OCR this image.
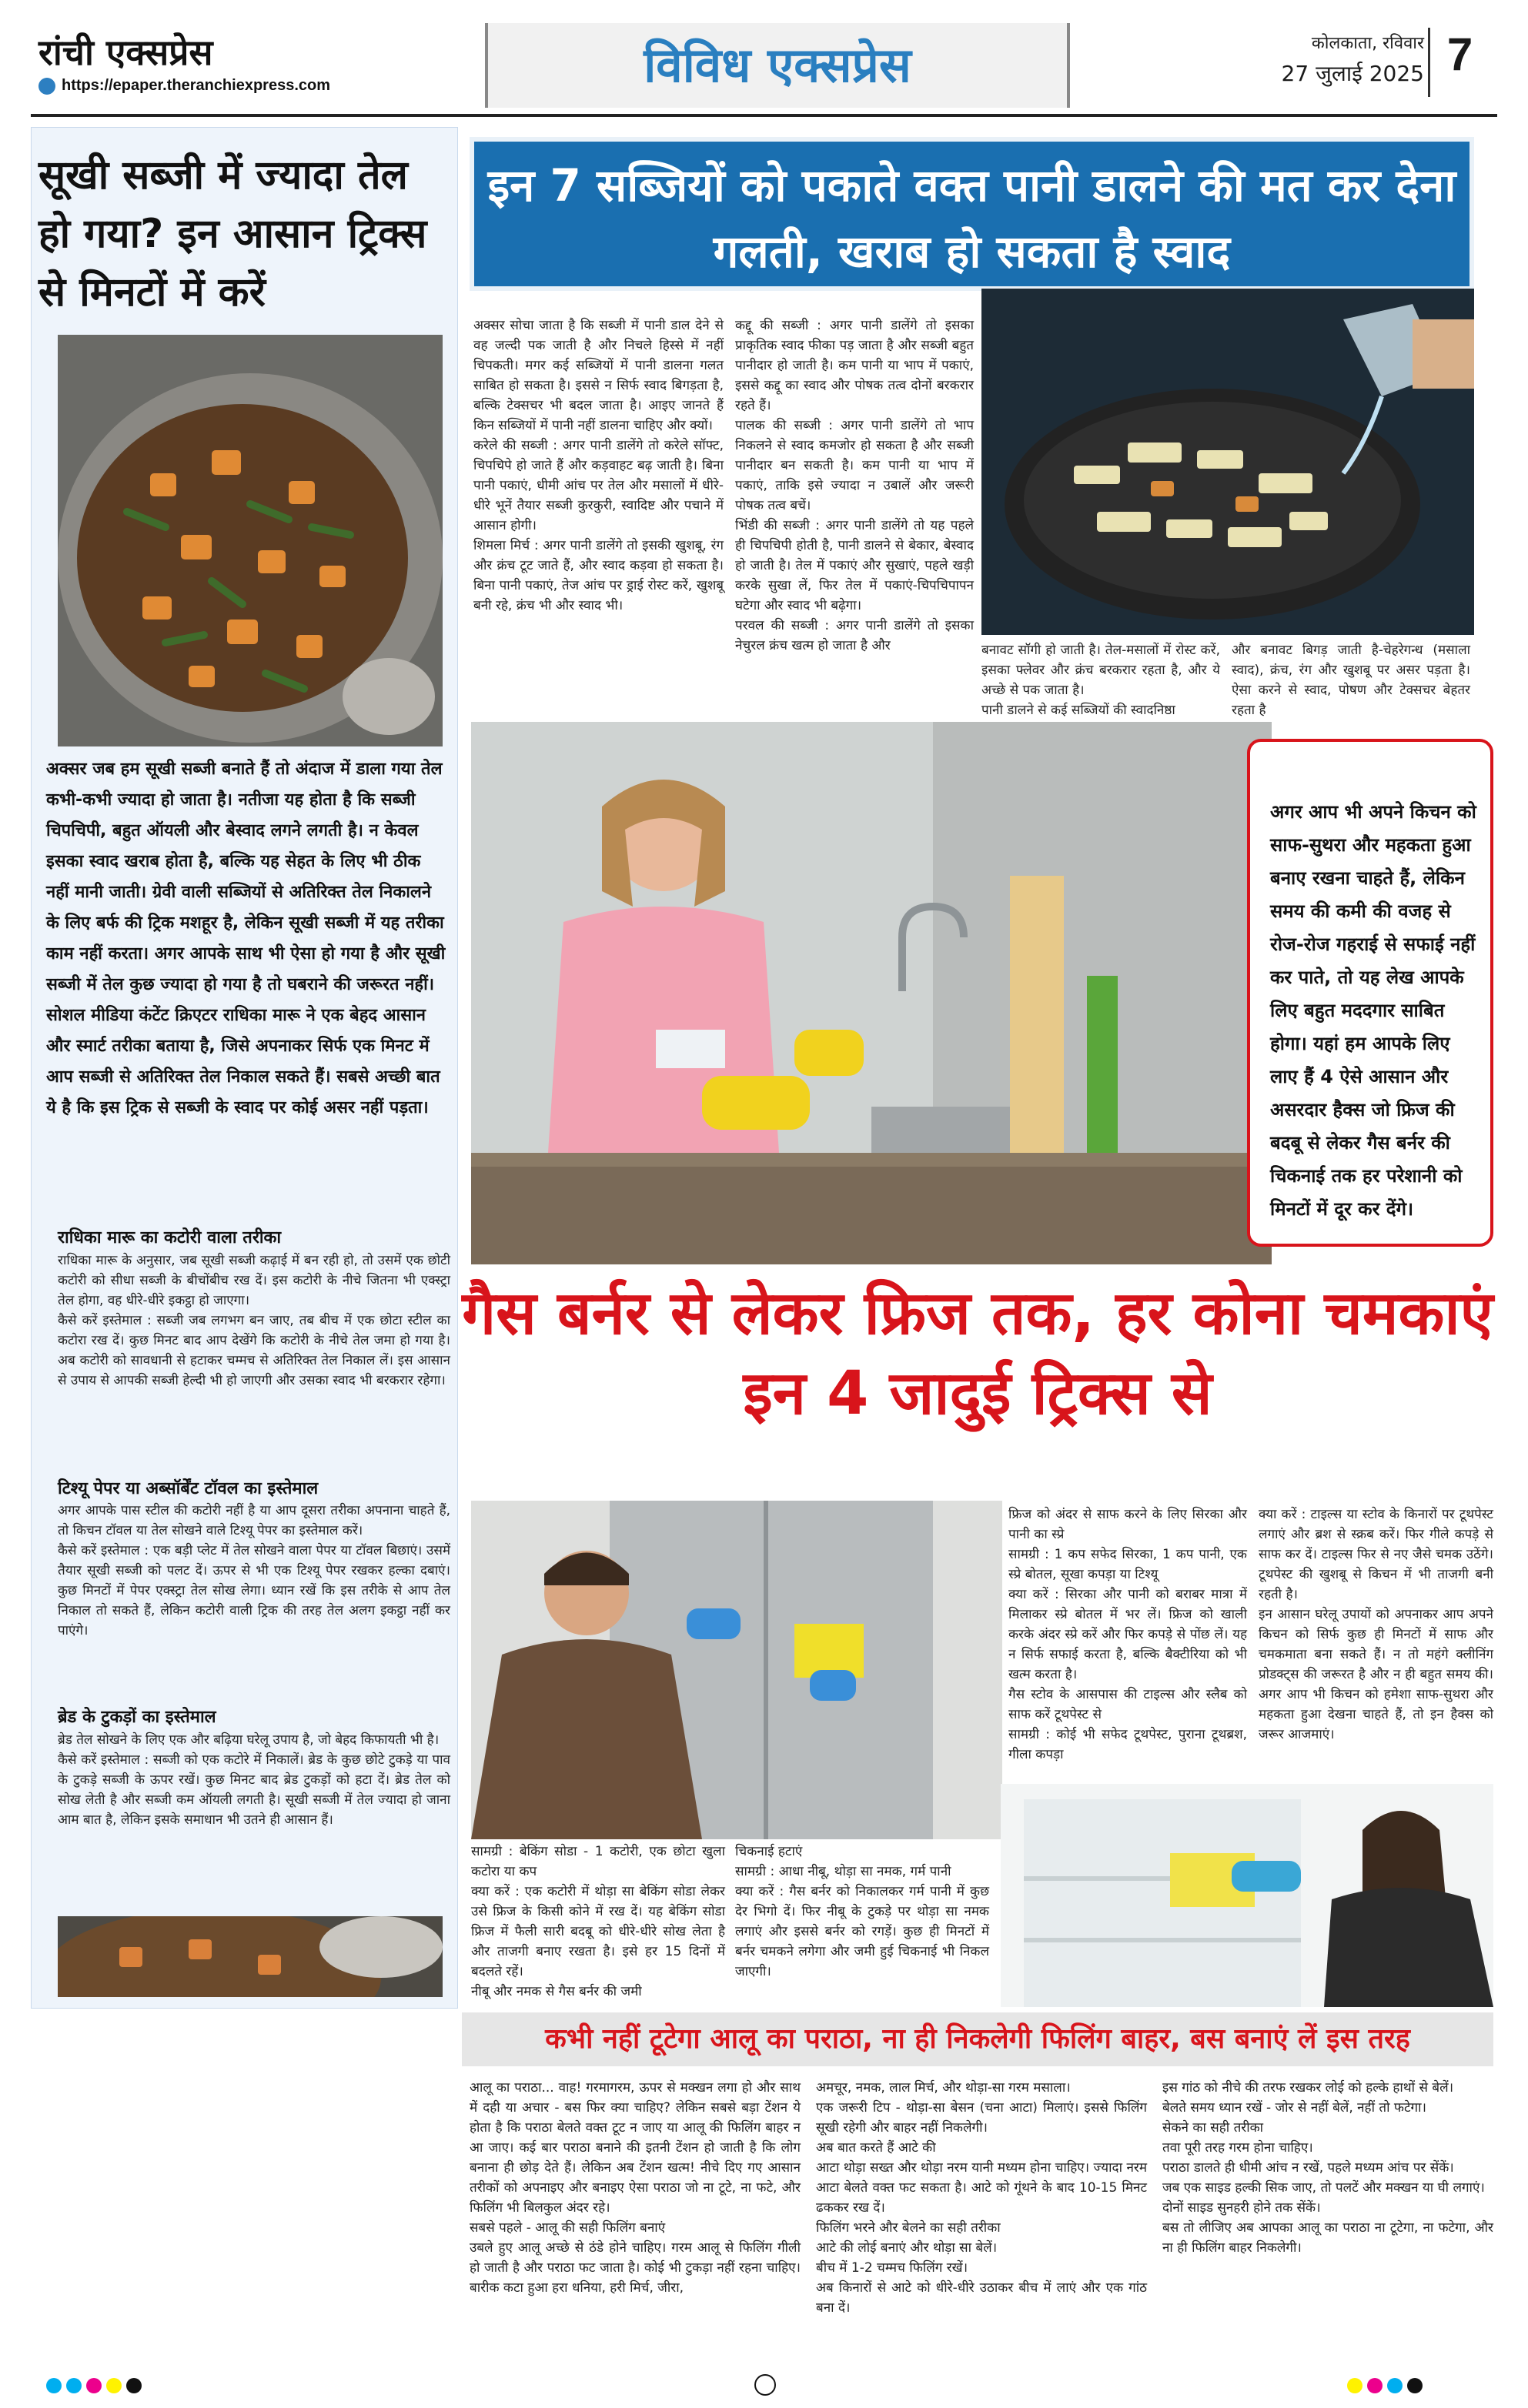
रांची एक्सप्रेस
https://epaper.theranchiexpress.com	विविध एक्सप्रेस	कोलकाता, रविवार
27 जुलाई 2025 7
सूखी सब्जी में ज्यादा तेल हो गया? इन आसान ट्रिक्स से मिनटों में करें
अक्सर जब हम सूखी सब्जी बनाते हैं तो अंदाज में डाला गया तेल कभी-कभी ज्यादा हो जाता है। नतीजा यह होता है कि सब्जी चिपचिपी, बहुत ऑयली और बेस्वाद लगने लगती है। न केवल इसका स्वाद खराब होता है, बल्कि यह सेहत के लिए भी ठीक नहीं मानी जाती। ग्रेवी वाली सब्जियों से अतिरिक्त तेल निकालने के लिए बर्फ की ट्रिक मशहूर है, लेकिन सूखी सब्जी में यह तरीका काम नहीं करता। अगर आपके साथ भी ऐसा हो गया है और सूखी सब्जी में तेल कुछ ज्यादा हो गया है तो घबराने की जरूरत नहीं। सोशल मीडिया कंटेंट क्रिएटर राधिका मारू ने एक बेहद आसान और स्मार्ट तरीका बताया है, जिसे अपनाकर सिर्फ एक मिनट में आप सब्जी से अतिरिक्त तेल निकाल सकते हैं। सबसे अच्छी बात ये है कि इस ट्रिक से सब्जी के स्वाद पर कोई असर नहीं पड़ता।
राधिका मारू का कटोरी वाला तरीका
राधिका मारू के अनुसार, जब सूखी सब्जी कढ़ाई में बन रही हो, तो उसमें एक छोटी कटोरी को सीधा सब्जी के बीचोंबीच रख दें। इस कटोरी के नीचे जितना भी एक्स्ट्रा तेल होगा, वह धीरे-धीरे इकट्ठा हो जाएगा।
कैसे करें इस्तेमाल : सब्जी जब लगभग बन जाए, तब बीच में एक छोटा स्टील का कटोरा रख दें। कुछ मिनट बाद आप देखेंगे कि कटोरी के नीचे तेल जमा हो गया है। अब कटोरी को सावधानी से हटाकर चम्मच से अतिरिक्त तेल निकाल लें। इस आसान से उपाय से आपकी सब्जी हेल्दी भी हो जाएगी और उसका स्वाद भी बरकरार रहेगा।
टिश्यू पेपर या अब्सॉर्बेंट टॉवल का इस्तेमाल
अगर आपके पास स्टील की कटोरी नहीं है या आप दूसरा तरीका अपनाना चाहते हैं, तो किचन टॉवल या तेल सोखने वाले टिश्यू पेपर का इस्तेमाल करें।
कैसे करें इस्तेमाल : एक बड़ी प्लेट में तेल सोखने वाला पेपर या टॉवल बिछाएं। उसमें तैयार सूखी सब्जी को पलट दें। ऊपर से भी एक टिश्यू पेपर रखकर हल्का दबाएं। कुछ मिनटों में पेपर एक्स्ट्रा तेल सोख लेगा। ध्यान रखें कि इस तरीके से आप तेल निकाल तो सकते हैं, लेकिन कटोरी वाली ट्रिक की तरह तेल अलग इकट्ठा नहीं कर पाएंगे।
ब्रेड के टुकड़ों का इस्तेमाल
ब्रेड तेल सोखने के लिए एक और बढ़िया घरेलू उपाय है, जो बेहद किफायती भी है।
कैसे करें इस्तेमाल : सब्जी को एक कटोरे में निकालें। ब्रेड के कुछ छोटे टुकड़े या पाव के टुकड़े सब्जी के ऊपर रखें। कुछ मिनट बाद ब्रेड टुकड़ों को हटा दें। ब्रेड तेल को सोख लेती है और सब्जी कम ऑयली लगती है। सूखी सब्जी में तेल ज्यादा हो जाना आम बात है, लेकिन इसके समाधान भी उतने ही आसान हैं।
इन 7 सब्जियों को पकाते वक्त पानी डालने की मत कर देना गलती, खराब हो सकता है स्वाद
अक्सर सोचा जाता है कि सब्जी में पानी डाल देने से वह जल्दी पक जाती है और निचले हिस्से में नहीं चिपकती। मगर कई सब्जियों में पानी डालना गलत साबित हो सकता है। इससे न सिर्फ स्वाद बिगड़ता है, बल्कि टेक्सचर भी बदल जाता है। आइए जानते हैं किन सब्जियों में पानी नहीं डालना चाहिए और क्यों।
करेले की सब्जी : अगर पानी डालेंगे तो करेले सॉफ्ट, चिपचिपे हो जाते हैं और कड़वाहट बढ़ जाती है। बिना पानी पकाएं, धीमी आंच पर तेल और मसालों में धीरे-धीरे भूनें तैयार सब्जी कुरकुरी, स्वादिष्ट और पचाने में आसान होगी।
शिमला मिर्च : अगर पानी डालेंगे तो इसकी खुशबू, रंग और क्रंच टूट जाते हैं, और स्वाद कड़वा हो सकता है। बिना पानी पकाएं, तेज आंच पर ड्राई रोस्ट करें, खुशबू बनी रहे, क्रंच भी और स्वाद भी।
कद्दू की सब्जी : अगर पानी डालेंगे तो इसका प्राकृतिक स्वाद फीका पड़ जाता है और सब्जी बहुत पानीदार हो जाती है। कम पानी या भाप में पकाएं, इससे कद्दू का स्वाद और पोषक तत्व दोनों बरकरार रहते हैं।
पालक की सब्जी : अगर पानी डालेंगे तो भाप निकलने से स्वाद कमजोर हो सकता है और सब्जी पानीदार बन सकती है। कम पानी या भाप में पकाएं, ताकि इसे ज्यादा न उबालें और जरूरी पोषक तत्व बचें।
भिंडी की सब्जी : अगर पानी डालेंगे तो यह पहले ही चिपचिपी होती है, पानी डालने से बेकार, बेस्वाद हो जाती है। तेल में पकाएं और सुखाएं, पहले खड़ी करके सुखा लें, फिर तेल में पकाएं-चिपचिपापन घटेगा और स्वाद भी बढ़ेगा।
परवल की सब्जी : अगर पानी डालेंगे तो इसका नेचुरल क्रंच खत्म हो जाता है और	बनावट सॉगी हो जाती है। तेल-मसालों में रोस्ट करें, इसका फ्लेवर और क्रंच बरकरार रहता है, और ये अच्छे से पक जाता है।
पानी डालने से कई सब्जियों की स्वादनिष्ठा
और बनावट बिगड़ जाती है-चेहरेगन्ध (मसाला स्वाद), क्रंच, रंग और खुशबू पर असर पड़ता है। ऐसा करने से स्वाद, पोषण और टेक्सचर बेहतर रहता है
अगर आप भी अपने किचन को साफ-सुथरा और महकता हुआ बनाए रखना चाहते हैं, लेकिन समय की कमी की वजह से रोज-रोज गहराई से सफाई नहीं कर पाते, तो यह लेख आपके लिए बहुत मददगार साबित होगा। यहां हम आपके लिए लाए हैं 4 ऐसे आसान और असरदार हैक्स जो फ्रिज की बदबू से लेकर गैस बर्नर की चिकनाई तक हर परेशानी को मिनटों में दूर कर देंगे।
गैस बर्नर से लेकर फ्रिज तक, हर कोना चमकाएं इन 4 जादुई ट्रिक्स से
फ्रिज को अंदर से साफ करने के लिए सिरका और पानी का स्प्रे
सामग्री : 1 कप सफेद सिरका, 1 कप पानी, एक स्प्रे बोतल, सूखा कपड़ा या टिश्यू
क्या करें : सिरका और पानी को बराबर मात्रा में मिलाकर स्प्रे बोतल में भर लें। फ्रिज को खाली करके अंदर स्प्रे करें और फिर कपड़े से पोंछ लें। यह न सिर्फ सफाई करता है, बल्कि बैक्टीरिया को भी खत्म करता है।
गैस स्टोव के आसपास की टाइल्स और स्लैब को साफ करें टूथपेस्ट से
सामग्री : कोई भी सफेद टूथपेस्ट, पुराना टूथब्रश, गीला कपड़ा
क्या करें : टाइल्स या स्टोव के किनारों पर टूथपेस्ट लगाएं और ब्रश से स्क्रब करें। फिर गीले कपड़े से साफ कर दें। टाइल्स फिर से नए जैसे चमक उठेंगे। टूथपेस्ट की खुशबू से किचन में भी ताजगी बनी रहती है।
इन आसान घरेलू उपायों को अपनाकर आप अपने किचन को सिर्फ कुछ ही मिनटों में साफ और चमकमाता बना सकते हैं। न तो महंगे क्लीनिंग प्रोडक्ट्स की जरूरत है और न ही बहुत समय की। अगर आप भी किचन को हमेशा साफ-सुथरा और महकता हुआ देखना चाहते हैं, तो इन हैक्स को जरूर आजमाएं।
सामग्री : बेकिंग सोडा - 1 कटोरी, एक छोटा खुला कटोरा या कप
क्या करें : एक कटोरी में थोड़ा सा बेकिंग सोडा लेकर उसे फ्रिज के किसी कोने में रख दें। यह बेकिंग सोडा फ्रिज में फैली सारी बदबू को धीरे-धीरे सोख लेता है और ताजगी बनाए रखता है। इसे हर 15 दिनों में बदलते रहें।
नीबू और नमक से गैस बर्नर की जमी
चिकनाई हटाएं
सामग्री : आधा नीबू, थोड़ा सा नमक, गर्म पानी
क्या करें : गैस बर्नर को निकालकर गर्म पानी में कुछ देर भिगो दें। फिर नीबू के टुकड़े पर थोड़ा सा नमक लगाएं और इससे बर्नर को रगड़ें। कुछ ही मिनटों में बर्नर चमकने लगेगा और जमी हुई चिकनाई भी निकल जाएगी।
कभी नहीं टूटेगा आलू का पराठा, ना ही निकलेगी फिलिंग बाहर, बस बनाएं लें इस तरह
आलू का पराठा... वाह! गरमागरम, ऊपर से मक्खन लगा हो और साथ में दही या अचार - बस फिर क्या चाहिए? लेकिन सबसे बड़ा टेंशन ये होता है कि पराठा बेलते वक्त टूट न जाए या आलू की फिलिंग बाहर न आ जाए। कई बार पराठा बनाने की इतनी टेंशन हो जाती है कि लोग बनाना ही छोड़ देते हैं। लेकिन अब टेंशन खत्म! नीचे दिए गए आसान तरीकों को अपनाइए और बनाइए ऐसा पराठा जो ना टूटे, ना फटे, और फिलिंग भी बिलकुल अंदर रहे।
सबसे पहले - आलू की सही फिलिंग बनाएं
उबले हुए आलू अच्छे से ठंडे होने चाहिए। गरम आलू से फिलिंग गीली हो जाती है और पराठा फट जाता है। कोई भी टुकड़ा नहीं रहना चाहिए। बारीक कटा हुआ हरा धनिया, हरी मिर्च, जीरा,
अमचूर, नमक, लाल मिर्च, और थोड़ा-सा गरम मसाला।
एक जरूरी टिप - थोड़ा-सा बेसन (चना आटा) मिलाएं। इससे फिलिंग सूखी रहेगी और बाहर नहीं निकलेगी।
अब बात करते हैं आटे की
आटा थोड़ा सख्त और थोड़ा नरम यानी मध्यम होना चाहिए। ज्यादा नरम आटा बेलते वक्त फट सकता है। आटे को गूंथने के बाद 10-15 मिनट ढककर रख दें।
फिलिंग भरने और बेलने का सही तरीका
आटे की लोई बनाएं और थोड़ा सा बेलें।
बीच में 1-2 चम्मच फिलिंग रखें।
अब किनारों से आटे को धीरे-धीरे उठाकर बीच में लाएं और एक गांठ बना दें।
इस गांठ को नीचे की तरफ रखकर लोई को हल्के हाथों से बेलें।
बेलते समय ध्यान रखें - जोर से नहीं बेलें, नहीं तो फटेगा।
सेकने का सही तरीका
तवा पूरी तरह गरम होना चाहिए।
पराठा डालते ही धीमी आंच न रखें, पहले मध्यम आंच पर सेंकें।
जब एक साइड हल्की सिक जाए, तो पलटें और मक्खन या घी लगाएं।
दोनों साइड सुनहरी होने तक सेंकें।
बस तो लीजिए अब आपका आलू का पराठा ना टूटेगा, ना फटेगा, और ना ही फिलिंग बाहर निकलेगी।
